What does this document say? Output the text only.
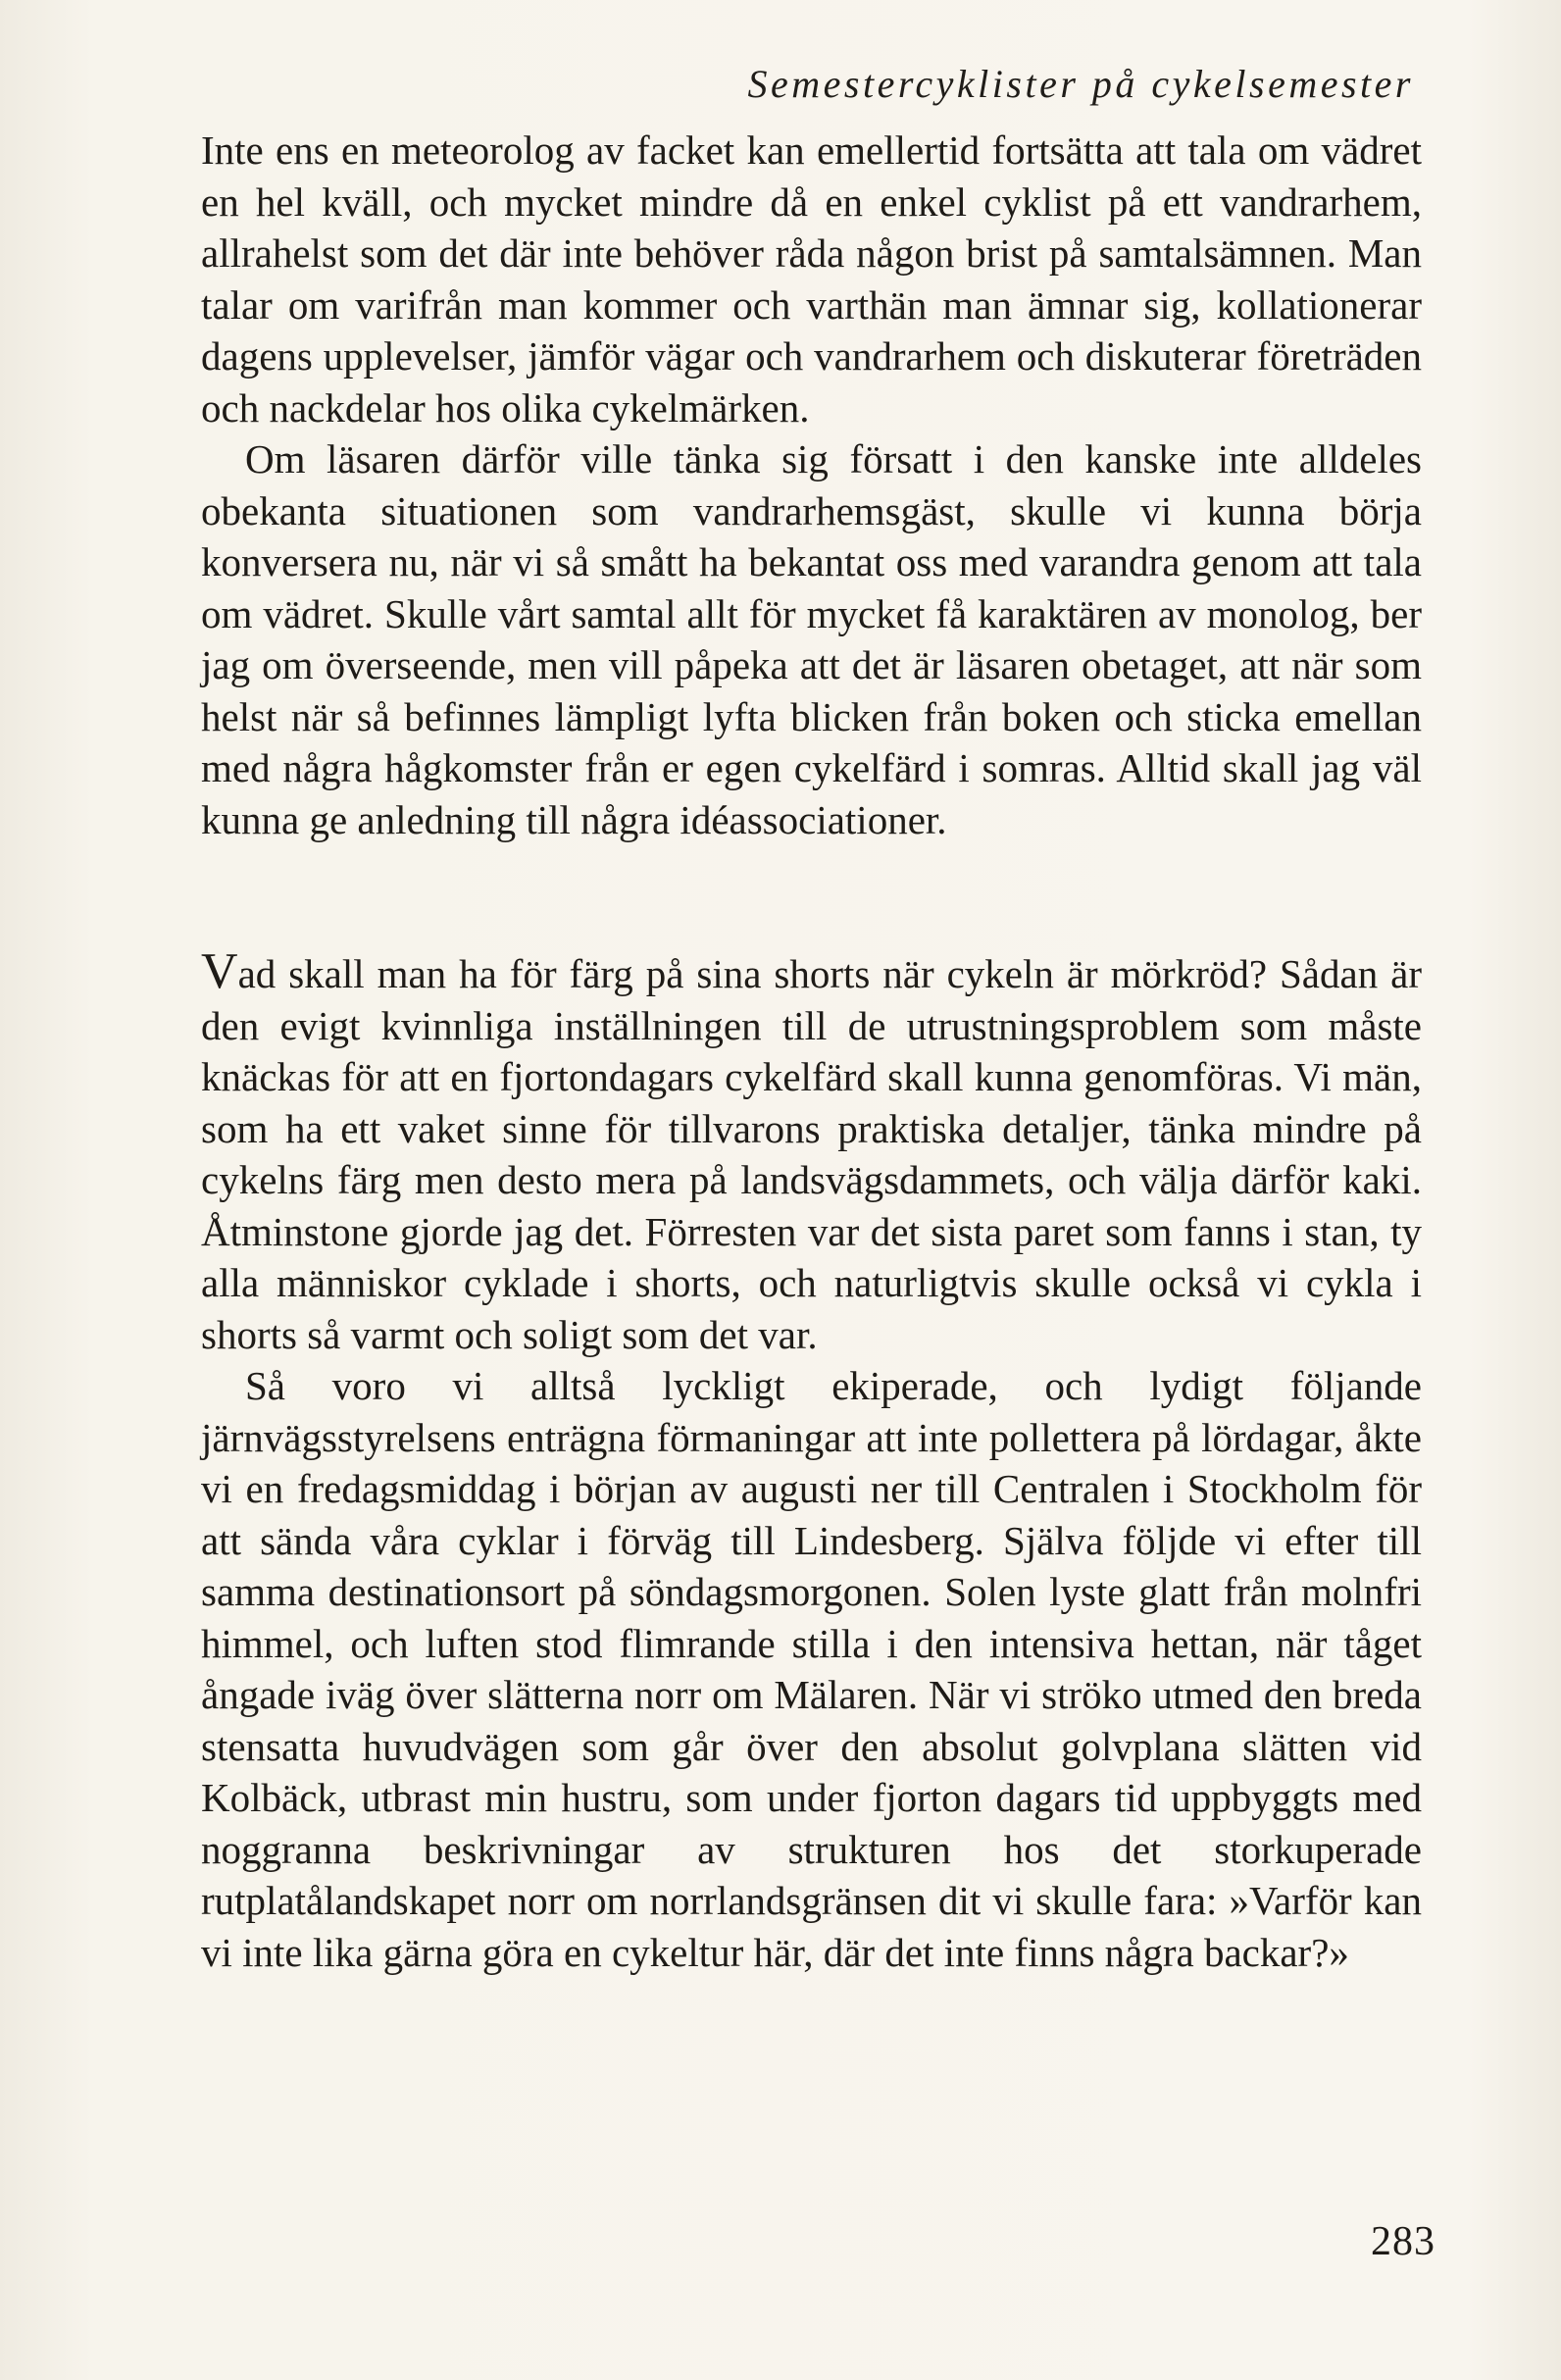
Semestercyklister på cykelsemester

Inte ens en meteorolog av facket kan emellertid fortsätta att tala om vädret en hel kväll, och mycket mindre då en enkel cyklist på ett vandrarhem, allrahelst som det där inte behöver råda någon brist på samtalsämnen. Man talar om varifrån man kommer och varthän man ämnar sig, kollationerar dagens upplevelser, jämför vägar och vandrarhem och diskuterar företräden och nackdelar hos olika cykelmärken.

Om läsaren därför ville tänka sig försatt i den kanske inte alldeles obekanta situationen som vandrarhemsgäst, skulle vi kunna börja konversera nu, när vi så smått ha bekantat oss med varandra genom att tala om vädret. Skulle vårt samtal allt för mycket få karaktären av monolog, ber jag om överseende, men vill påpeka att det är läsaren obetaget, att när som helst när så befinnes lämpligt lyfta blicken från boken och sticka emellan med några hågkomster från er egen cykelfärd i somras. Alltid skall jag väl kunna ge anledning till några idéassociationer.

Vad skall man ha för färg på sina shorts när cykeln är mörkröd? Sådan är den evigt kvinnliga inställningen till de utrustningsproblem som måste knäckas för att en fjortondagars cykelfärd skall kunna genomföras. Vi män, som ha ett vaket sinne för tillvarons praktiska detaljer, tänka mindre på cykelns färg men desto mera på landsvägsdammets, och välja därför kaki. Åtminstone gjorde jag det. Förresten var det sista paret som fanns i stan, ty alla människor cyklade i shorts, och naturligtvis skulle också vi cykla i shorts så varmt och soligt som det var.

Så voro vi alltså lyckligt ekiperade, och lydigt följande järnvägsstyrelsens enträgna förmaningar att inte pollettera på lördagar, åkte vi en fredagsmiddag i början av augusti ner till Centralen i Stockholm för att sända våra cyklar i förväg till Lindesberg. Själva följde vi efter till samma destinationsort på söndagsmorgonen. Solen lyste glatt från molnfri himmel, och luften stod flimrande stilla i den intensiva hettan, när tåget ångade iväg över slätterna norr om Mälaren. När vi ströko utmed den breda stensatta huvudvägen som går över den absolut golvplana slätten vid Kolbäck, utbrast min hustru, som under fjorton dagars tid uppbyggts med noggranna beskrivningar av strukturen hos det storkuperade rutplatålandskapet norr om norrlandsgränsen dit vi skulle fara: »Varför kan vi inte lika gärna göra en cykeltur här, där det inte finns några backar?»

283
